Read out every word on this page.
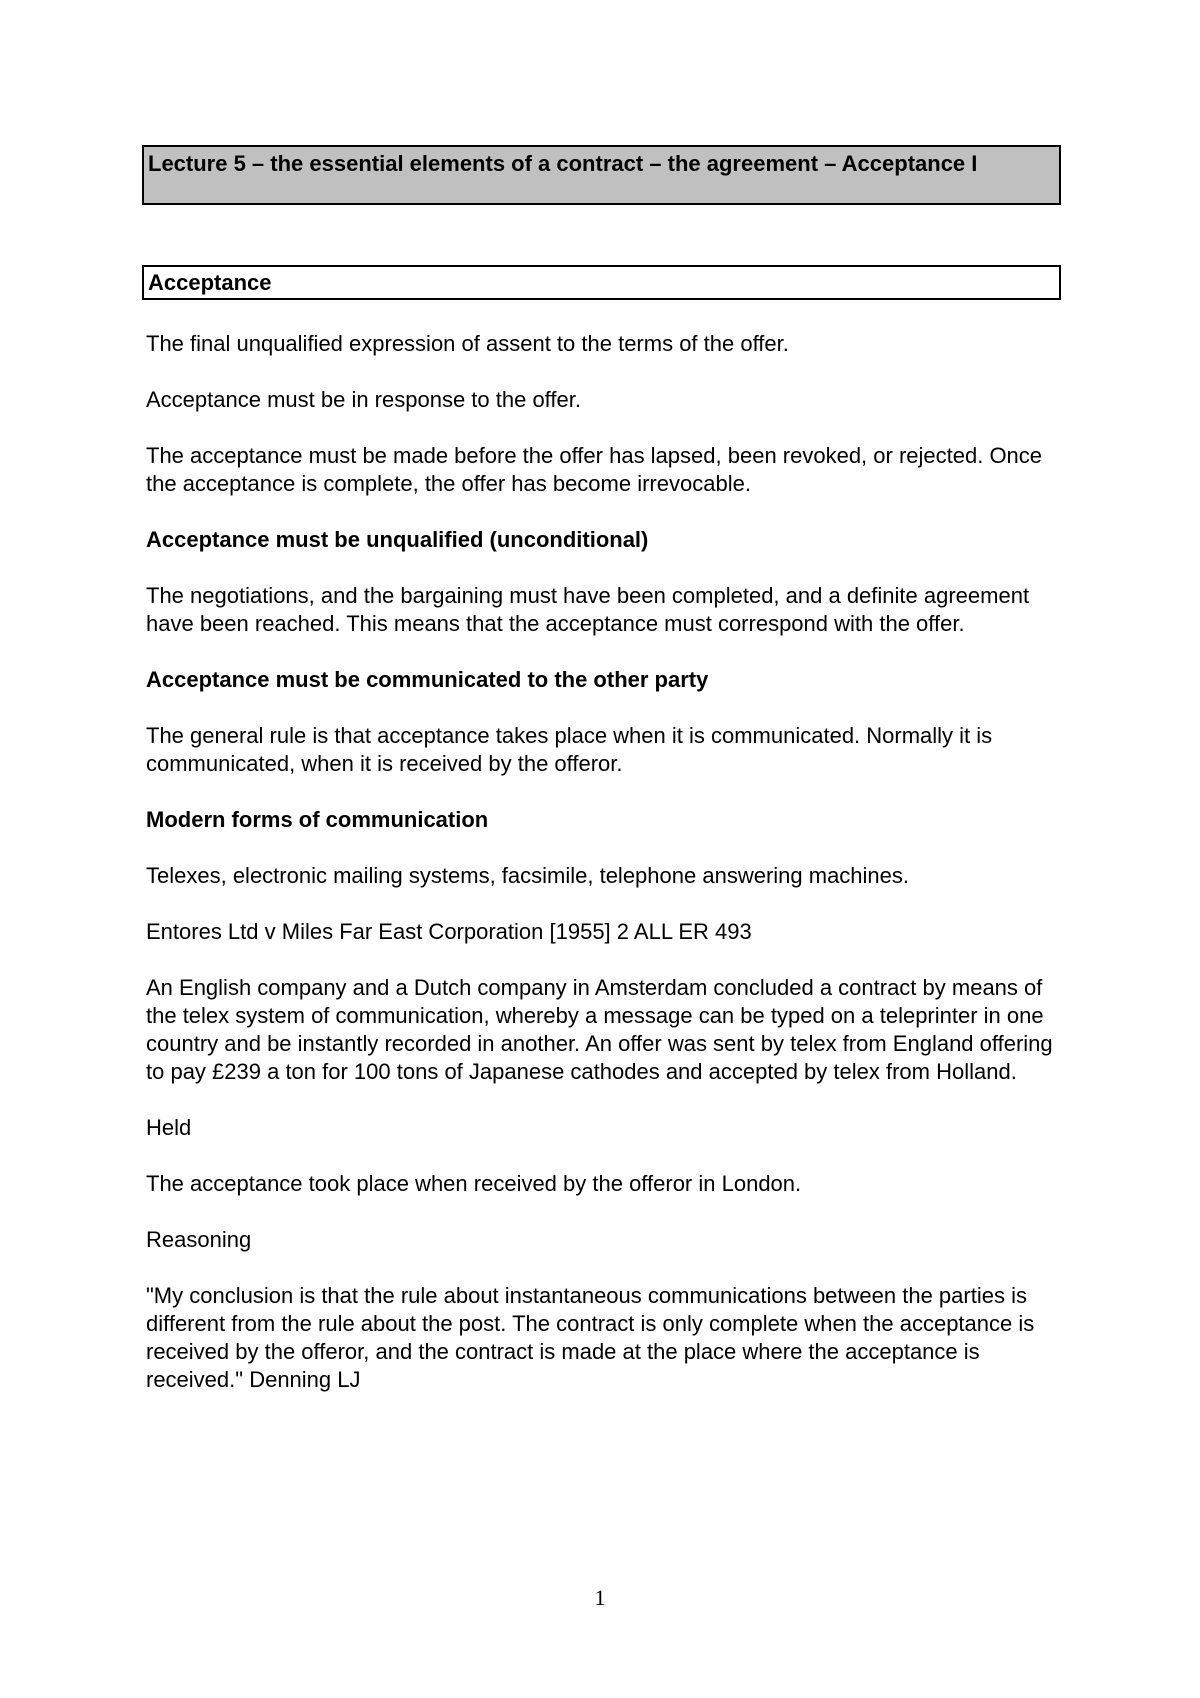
Lecture 5 – the essential elements of a contract – the agreement – Acceptance I
Acceptance

The final unqualified expression of assent to the terms of the offer.

Acceptance must be in response to the offer.

The acceptance must be made before the offer has lapsed, been revoked, or rejected. Once the acceptance is complete, the offer has become irrevocable.

Acceptance must be unqualified (unconditional)

The negotiations, and the bargaining must have been completed, and a definite agreement have been reached. This means that the acceptance must correspond with the offer.

Acceptance must be communicated to the other party

The general rule is that acceptance takes place when it is communicated. Normally it is communicated, when it is received by the offeror.

Modern forms of communication

Telexes, electronic mailing systems, facsimile, telephone answering machines.

Entores Ltd v Miles Far East Corporation [1955] 2 ALL ER 493

An English company and a Dutch company in Amsterdam concluded a contract by means of the telex system of communication, whereby a message can be typed on a teleprinter in one country and be instantly recorded in another. An offer was sent by telex from England offering to pay £239 a ton for 100 tons of Japanese cathodes and accepted by telex from Holland.

Held

The acceptance took place when received by the offeror in London.

Reasoning

"My conclusion is that the rule about instantaneous communications between the parties is different from the rule about the post. The contract is only complete when the acceptance is received by the offeror, and the contract is made at the place where the acceptance is received." Denning LJ

1
